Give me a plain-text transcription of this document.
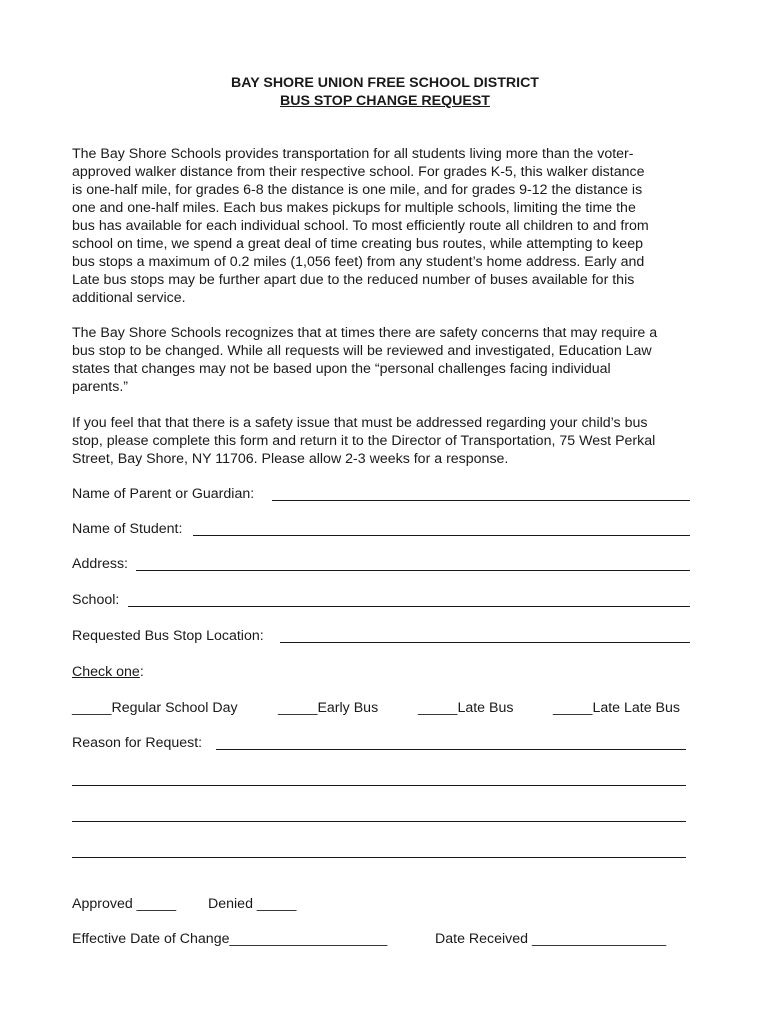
BAY SHORE UNION FREE SCHOOL DISTRICT
BUS STOP CHANGE REQUEST

The Bay Shore Schools provides transportation for all students living more than the voter-
approved walker distance from their respective school. For grades K-5, this walker distance
is one-half mile, for grades 6-8 the distance is one mile, and for grades 9-12 the distance is
one and one-half miles. Each bus makes pickups for multiple schools, limiting the time the
bus has available for each individual school. To most efficiently route all children to and from
school on time, we spend a great deal of time creating bus routes, while attempting to keep
bus stops a maximum of 0.2 miles (1,056 feet) from any student’s home address. Early and
Late bus stops may be further apart due to the reduced number of buses available for this
additional service.

The Bay Shore Schools recognizes that at times there are safety concerns that may require a
bus stop to be changed. While all requests will be reviewed and investigated, Education Law
states that changes may not be based upon the “personal challenges facing individual
parents.”

If you feel that that there is a safety issue that must be addressed regarding your child’s bus
stop, please complete this form and return it to the Director of Transportation, 75 West Perkal
Street, Bay Shore, NY 11706. Please allow 2-3 weeks for a response.

Name of Parent or Guardian:
Name of Student:
Address:
School:
Requested Bus Stop Location:
Check one:
_____Regular School Day	_____Early Bus	_____Late Bus	_____Late Late Bus
Reason for Request:
Approved _____ Denied _____
Effective Date of Change____________________	Date Received _________________
